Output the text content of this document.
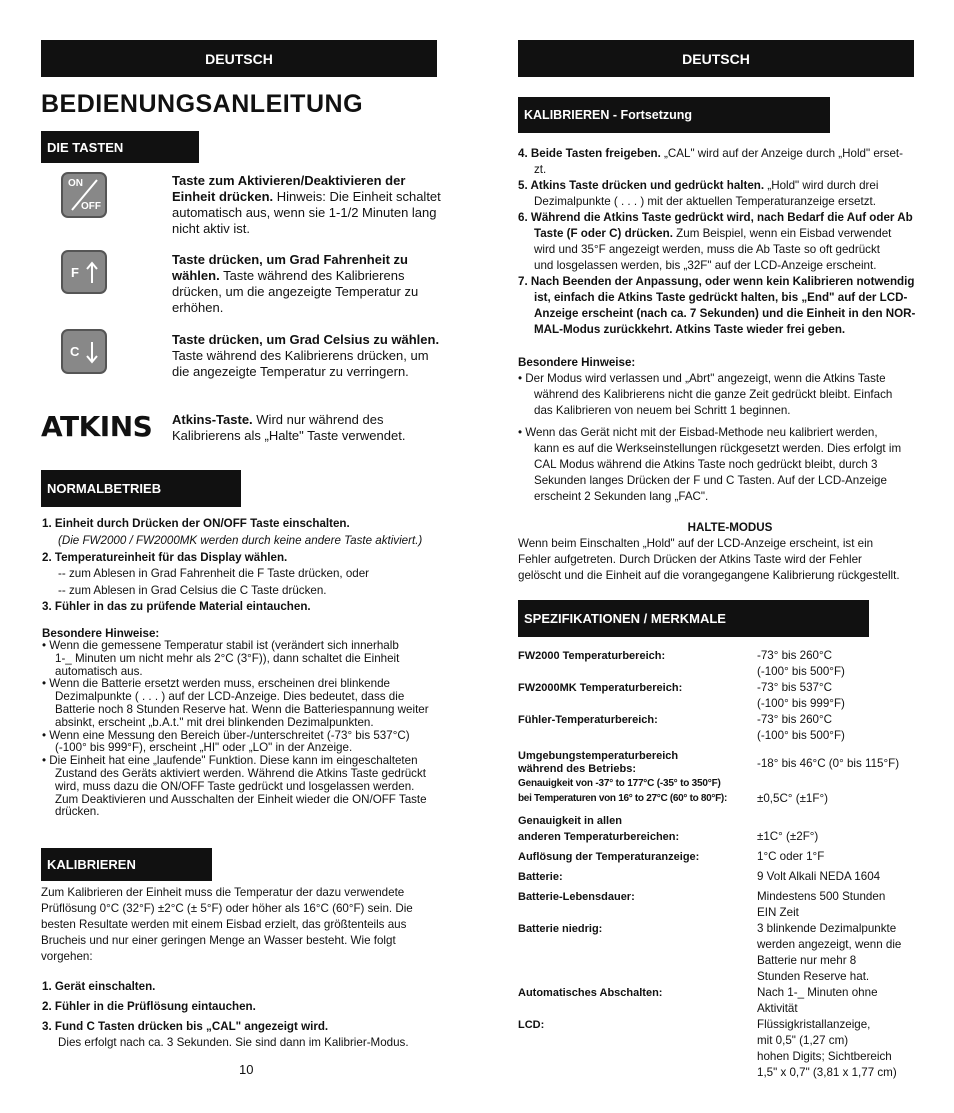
DEUTSCH
BEDIENUNGSANLEITUNG
DIE TASTEN
ON
OFF
Taste zum Aktivieren/Deaktivieren der Einheit drücken. Hinweis: Die Einheit schaltet automatisch aus, wenn sie 1-1/2 Minuten lang nicht aktiv ist.
F
Taste drücken, um Grad Fahrenheit zu wählen. Taste während des Kalibrierens drücken, um die angezeigte Temperatur zu erhöhen.
C
Taste drücken, um Grad Celsius zu wählen. Taste während des Kalibrierens drücken, um die angezeigte Temperatur zu verringern.
ATKINS Atkins-Taste. Wird nur während des Kalibrierens als „Halte" Taste verwendet.
NORMALBETRIEB
1. Einheit durch Drücken der ON/OFF Taste einschalten.
(Die FW2000 / FW2000MK werden durch keine andere Taste aktiviert.)
2. Temperatureinheit für das Display wählen.
-- zum Ablesen in Grad Fahrenheit die F Taste drücken, oder
-- zum Ablesen in Grad Celsius die C Taste drücken.
3. Fühler in das zu prüfende Material eintauchen.
Besondere Hinweise:
• Wenn die gemessene Temperatur stabil ist (verändert sich innerhalb
1-_ Minuten um nicht mehr als 2°C (3°F)), dann schaltet die Einheit
automatisch aus.
• Wenn die Batterie ersetzt werden muss, erscheinen drei blinkende
Dezimalpunkte ( . . . ) auf der LCD-Anzeige. Dies bedeutet, dass die
Batterie noch 8 Stunden Reserve hat. Wenn die Batteriespannung weiter absinkt, erscheint „b.A.t." mit drei blinkenden Dezimalpunkten.
• Wenn eine Messung den Bereich über-/unterschreitet (-73° bis 537°C)
(-100° bis 999°F), erscheint „HI" oder „LO" in der Anzeige.
• Die Einheit hat eine „laufende" Funktion. Diese kann im eingeschalteten
Zustand des Geräts aktiviert werden. Während die Atkins Taste gedrückt
wird, muss dazu die ON/OFF Taste gedrückt und losgelassen werden.
Zum Deaktivieren und Ausschalten der Einheit wieder die ON/OFF Taste
drücken.
KALIBRIEREN
Zum Kalibrieren der Einheit muss die Temperatur der dazu verwendete
Prüflösung 0°C (32°F) ±2°C (± 5°F) oder höher als 16°C (60°F) sein. Die
besten Resultate werden mit einem Eisbad erzielt, das größtenteils aus
Brucheis und nur einer geringen Menge an Wasser besteht. Wie folgt
vorgehen:
1. Gerät einschalten.
2. Fühler in die Prüflösung eintauchen.
3. Fund C Tasten drücken bis „CAL" angezeigt wird.
Dies erfolgt nach ca. 3 Sekunden. Sie sind dann im Kalibrier-Modus.
10
DEUTSCH
KALIBRIEREN - Fortsetzung
4. Beide Tasten freigeben. „CAL" wird auf der Anzeige durch „Hold" erset-
zt.
5. Atkins Taste drücken und gedrückt halten. „Hold" wird durch drei
Dezimalpunkte ( . . . ) mit der aktuellen Temperaturanzeige ersetzt.
6. Während die Atkins Taste gedrückt wird, nach Bedarf die Auf oder Ab
Taste (F oder C) drücken. Zum Beispiel, wenn ein Eisbad verwendet
wird und 35°F angezeigt werden, muss die Ab Taste so oft gedrückt
und losgelassen werden, bis „32F" auf der LCD-Anzeige erscheint.
7. Nach Beenden der Anpassung, oder wenn kein Kalibrieren notwendig
ist, einfach die Atkins Taste gedrückt halten, bis „End" auf der LCD-
Anzeige erscheint (nach ca. 7 Sekunden) und die Einheit in den NOR-
MAL-Modus zurückkehrt. Atkins Taste wieder frei geben.
Besondere Hinweise:
• Der Modus wird verlassen und „Abrt" angezeigt, wenn die Atkins Taste
während des Kalibrierens nicht die ganze Zeit gedrückt bleibt. Einfach
das Kalibrieren von neuem bei Schritt 1 beginnen.
• Wenn das Gerät nicht mit der Eisbad-Methode neu kalibriert werden,
kann es auf die Werkseinstellungen rückgesetzt werden. Dies erfolgt im
CAL Modus während die Atkins Taste noch gedrückt bleibt, durch 3
Sekunden langes Drücken der F und C Tasten. Auf der LCD-Anzeige
erscheint 2 Sekunden lang „FAC".
HALTE-MODUS
Wenn beim Einschalten „Hold" auf der LCD-Anzeige erscheint, ist ein
Fehler aufgetreten. Durch Drücken der Atkins Taste wird der Fehler
gelöscht und die Einheit auf die vorangegangene Kalibrierung rückgestellt.
SPEZIFIKATIONEN / MERKMALE
FW2000 Temperaturbereich:	-73° bis 260°C
(-100° bis 500°F)
FW2000MK Temperaturbereich:	-73° bis 537°C
(-100° bis 999°F)
Fühler-Temperaturbereich:	-73° bis 260°C
(-100° bis 500°F)
Umgebungstemperaturbereich
während des Betriebs:	-18° bis 46°C (0° bis 115°F)
Genauigkeit von -37° to 177°C (-35° to 350°F)
bei Temperaturen von 16° to 27°C (60° to 80°F):	±0,5C° (±1F°)
Genauigkeit in allen
anderen Temperaturbereichen:	±1C° (±2F°)
Auflösung der Temperaturanzeige:	1°C oder 1°F
Batterie:	9 Volt Alkali NEDA 1604
Batterie-Lebensdauer:	Mindestens 500 Stunden
EIN Zeit
Batterie niedrig:	3 blinkende Dezimalpunkte
werden angezeigt, wenn die
Batterie nur mehr 8
Stunden Reserve hat.
Automatisches Abschalten:	Nach 1-_ Minuten ohne
Aktivität
LCD:	Flüssigkristallanzeige,
mit 0,5" (1,27 cm)
hohen Digits; Sichtbereich
1,5" x 0,7" (3,81 x 1,77 cm)
